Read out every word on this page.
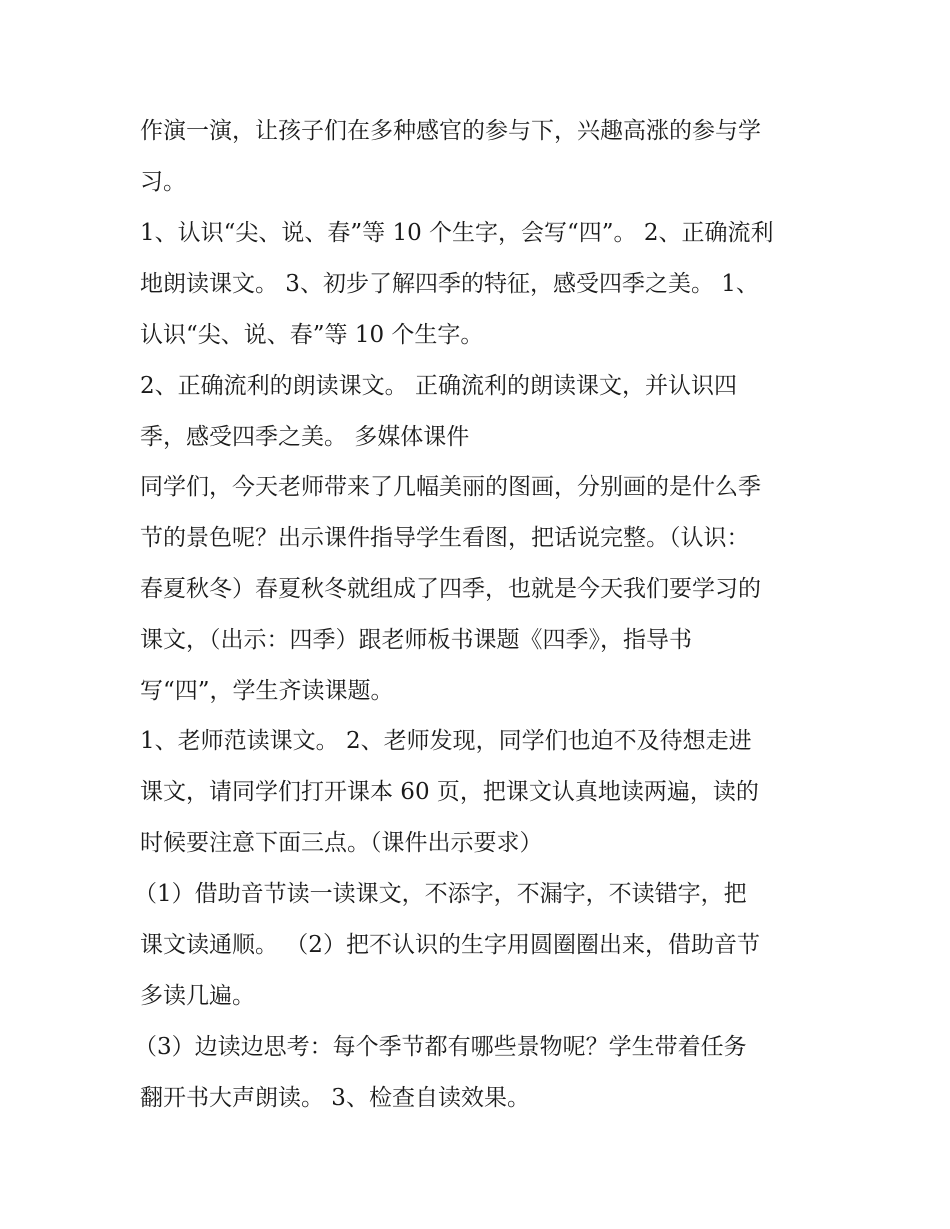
作演一演，让孩子们在多种感官的参与下，兴趣高涨的参与学
习。
1、认识“尖、说、春”等 10 个生字，会写“四”。 2、正确流利
地朗读课文。 3、初步了解四季的特征，感受四季之美。 1、
认识“尖、说、春”等 10 个生字。
2、正确流利的朗读课文。 正确流利的朗读课文，并认识四
季，感受四季之美。 多媒体课件
同学们，今天老师带来了几幅美丽的图画，分别画的是什么季
节的景色呢？出示课件指导学生看图，把话说完整。（认识：
春夏秋冬）春夏秋冬就组成了四季，也就是今天我们要学习的
课文，（出示：四季）跟老师板书课题《四季》，指导书
写“四”，学生齐读课题。
1、老师范读课文。 2、老师发现，同学们也迫不及待想走进
课文，请同学们打开课本 60 页，把课文认真地读两遍，读的
时候要注意下面三点。（课件出示要求）
（1）借助音节读一读课文，不添字，不漏字，不读错字，把
课文读通顺。 （2）把不认识的生字用圆圈圈出来，借助音节
多读几遍。
（3）边读边思考：每个季节都有哪些景物呢？学生带着任务
翻开书大声朗读。 3、检查自读效果。
